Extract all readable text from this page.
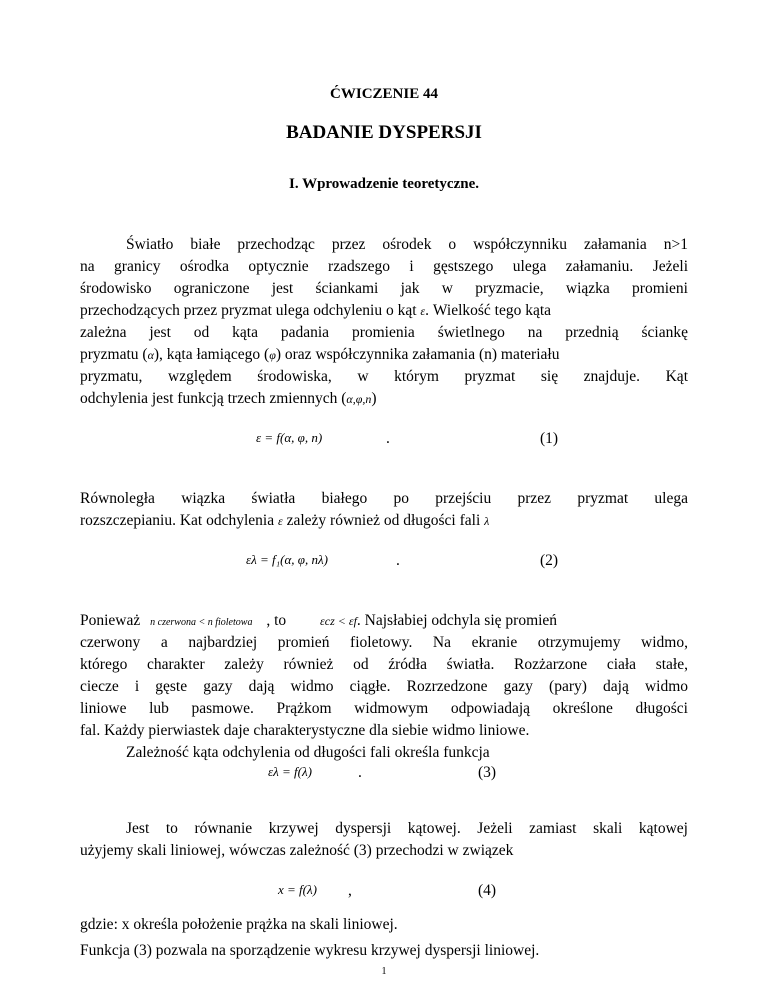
ĆWICZENIE 44
BADANIE DYSPERSJI
I. Wprowadzenie teoretyczne.
Światło białe przechodząc przez ośrodek o współczynniku załamania n>1
na granicy ośrodka optycznie rzadszego i gęstszego ulega załamaniu. Jeżeli
środowisko ograniczone jest ściankami jak w pryzmacie, wiązka promieni
przechodzących przez pryzmat ulega odchyleniu o kąt ε. Wielkość tego kąta
zależna jest od kąta padania promienia świetlnego na przednią ściankę
pryzmatu (α), kąta łamiącego (φ) oraz współczynnika załamania (n) materiału
pryzmatu, względem środowiska, w którym pryzmat się znajduje. Kąt
odchylenia jest funkcją trzech zmiennych (α,φ,n)
ε = f(α, φ, n)	.	(1)
Równoległa wiązka światła białego po przejściu przez pryzmat ulega
rozszczepianiu. Kat odchylenia ε zależy również od długości fali λ
ελ = f₁(α, φ, nλ)	.	(2)
Ponieważ n czerwona < n fioletowa , to	εcz < εf. Najsłabiej odchyla się promień
czerwony a najbardziej promień fioletowy. Na ekranie otrzymujemy widmo,
którego charakter zależy również od źródła światła. Rozżarzone ciała stałe,
ciecze i gęste gazy dają widmo ciągłe. Rozrzedzone gazy (pary) dają widmo
liniowe lub pasmowe. Prążkom widmowym odpowiadają określone długości
fal. Każdy pierwiastek daje charakterystyczne dla siebie widmo liniowe.
Zależność kąta odchylenia od długości fali określa funkcja
ελ = f(λ)	.	(3)
Jest to równanie krzywej dyspersji kątowej. Jeżeli zamiast skali kątowej
użyjemy skali liniowej, wówczas zależność (3) przechodzi w związek
x = f(λ) ,	(4)
gdzie: x określa położenie prążka na skali liniowej.
Funkcja (3) pozwala na sporządzenie wykresu krzywej dyspersji liniowej.
1
